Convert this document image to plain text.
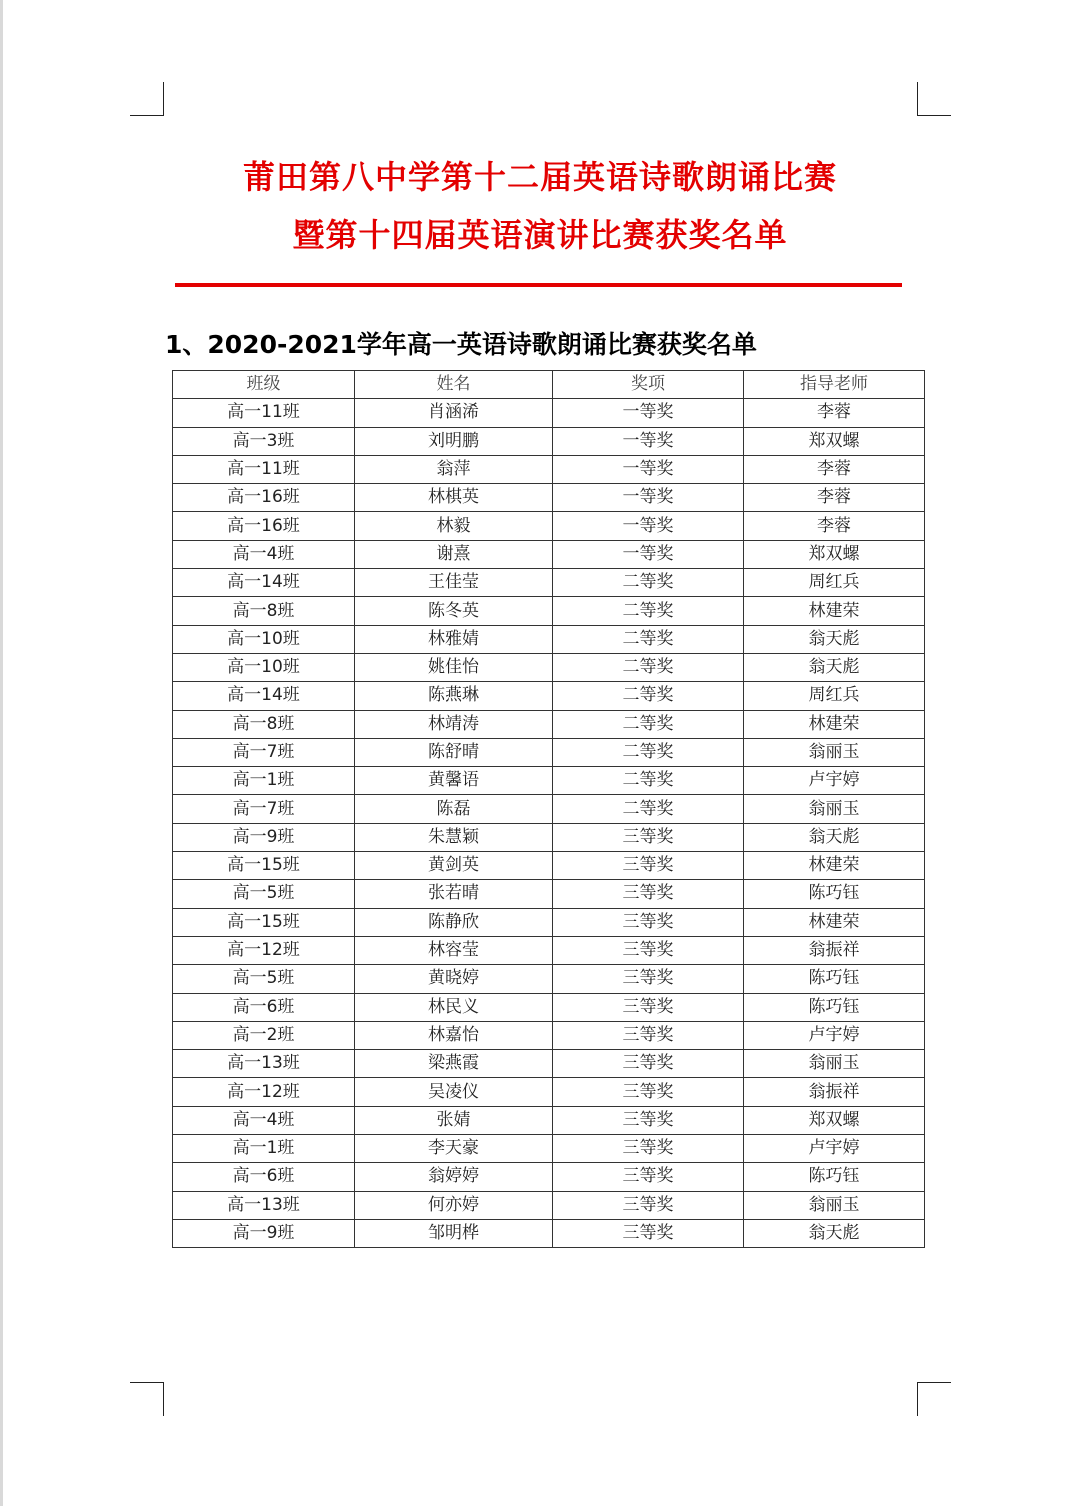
莆田第八中学第十二届英语诗歌朗诵比赛
暨第十四届英语演讲比赛获奖名单
1、2020-2021学年高一英语诗歌朗诵比赛获奖名单
班级	姓名	奖项	指导老师
高一11班	肖涵浠	一等奖	李蓉
高一3班	刘明鹏	一等奖	郑双螺
高一11班	翁萍	一等奖	李蓉
高一16班	林棋英	一等奖	李蓉
高一16班	林毅	一等奖	李蓉
高一4班	谢熹	一等奖	郑双螺
高一14班	王佳莹	二等奖	周红兵
高一8班	陈冬英	二等奖	林建荣
高一10班	林雅婧	二等奖	翁天彪
高一10班	姚佳怡	二等奖	翁天彪
高一14班	陈燕琳	二等奖	周红兵
高一8班	林靖涛	二等奖	林建荣
高一7班	陈舒晴	二等奖	翁丽玉
高一1班	黄馨语	二等奖	卢宇婷
高一7班	陈磊	二等奖	翁丽玉
高一9班	朱慧颖	三等奖	翁天彪
高一15班	黄剑英	三等奖	林建荣
高一5班	张若晴	三等奖	陈巧钰
高一15班	陈静欣	三等奖	林建荣
高一12班	林容莹	三等奖	翁振祥
高一5班	黄晓婷	三等奖	陈巧钰
高一6班	林民义	三等奖	陈巧钰
高一2班	林嘉怡	三等奖	卢宇婷
高一13班	梁燕霞	三等奖	翁丽玉
高一12班	吴凌仪	三等奖	翁振祥
高一4班	张婧	三等奖	郑双螺
高一1班	李天豪	三等奖	卢宇婷
高一6班	翁婷婷	三等奖	陈巧钰
高一13班	何亦婷	三等奖	翁丽玉
高一9班	邹明桦	三等奖	翁天彪
